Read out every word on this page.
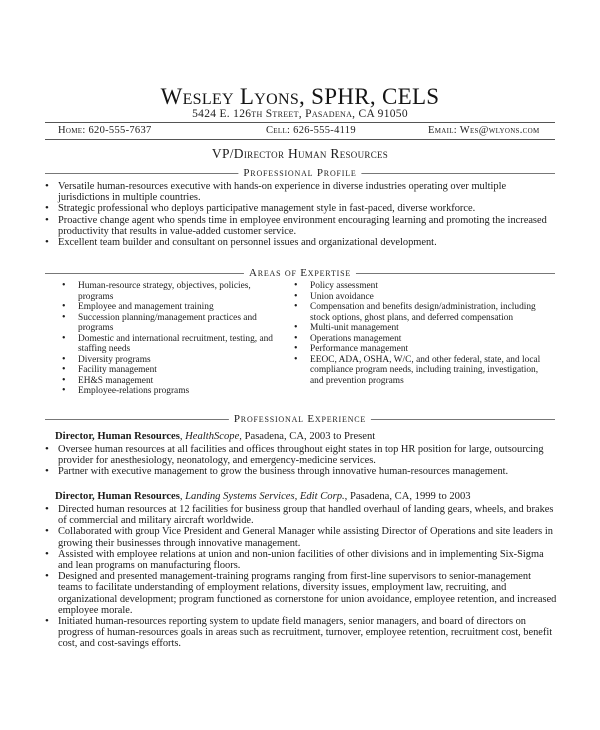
Wesley Lyons, SPHR, CELS
5424 E. 126th Street, Pasadena, CA 91050
Home: 620-555-7637	Cell: 626-555-4119	Email: Wes@wlyons.com
VP/Director Human Resources
Professional Profile
• Versatile human-resources executive with hands-on experience in diverse industries operating over multiple jurisdictions in multiple countries.
• Strategic professional who deploys participative management style in fast-paced, diverse workforce.
• Proactive change agent who spends time in employee environment encouraging learning and promoting the increased productivity that results in value-added customer service.
• Excellent team builder and consultant on personnel issues and organizational development.
Areas of Expertise
• Human-resource strategy, objectives, policies, programs
• Employee and management training
• Succession planning/management practices and programs
• Domestic and international recruitment, testing, and staffing needs
• Diversity programs
• Facility management
• EH&S management
• Employee-relations programs
• Policy assessment
• Union avoidance
• Compensation and benefits design/administration, including stock options, ghost plans, and deferred compensation
• Multi-unit management
• Operations management
• Performance management
• EEOC, ADA, OSHA, W/C, and other federal, state, and local compliance program needs, including training, investigation, and prevention programs
Professional Experience
Director, Human Resources, HealthScope, Pasadena, CA, 2003 to Present
• Oversee human resources at all facilities and offices throughout eight states in top HR position for large, outsourcing provider for anesthesiology, neonatology, and emergency-medicine services.
• Partner with executive management to grow the business through innovative human-resources management.
Director, Human Resources, Landing Systems Services, Edit Corp., Pasadena, CA, 1999 to 2003
• Directed human resources at 12 facilities for business group that handled overhaul of landing gears, wheels, and brakes of commercial and military aircraft worldwide.
• Collaborated with group Vice President and General Manager while assisting Director of Operations and site leaders in growing their businesses through innovative management.
• Assisted with employee relations at union and non-union facilities of other divisions and in implementing Six-Sigma and lean programs on manufacturing floors.
• Designed and presented management-training programs ranging from first-line supervisors to senior-management teams to facilitate understanding of employment relations, diversity issues, employment law, recruiting, and organizational development; program functioned as cornerstone for union avoidance, employee retention, and increased employee morale.
• Initiated human-resources reporting system to update field managers, senior managers, and board of directors on progress of human-resources goals in areas such as recruitment, turnover, employee retention, recruitment cost, benefit cost, and cost-savings efforts.
